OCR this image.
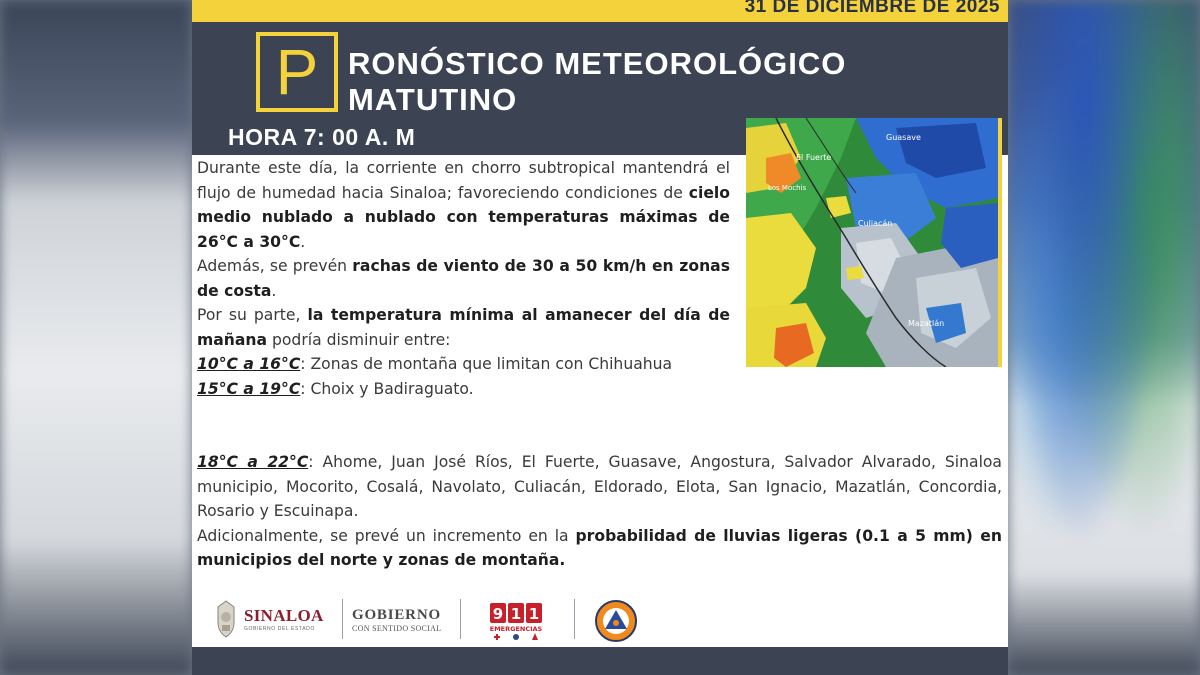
31 DE DICIEMBRE DE 2025
P RONÓSTICO METEOROLÓGICO
MATUTINO
HORA 7: 00 A. M	Guasave
El Fuerte
Los Mochis
Culiacán
Mazatlán

Durante este día, la corriente en chorro subtropical mantendrá el flujo de humedad hacia Sinaloa; favoreciendo condiciones de cielo medio nublado a nublado con temperaturas máximas de 26°C a 30°C.

Además, se prevén rachas de viento de 30 a 50 km/h en zonas de costa.

Por su parte, la temperatura mínima al amanecer del día de mañana podría disminuir entre:

10°C a 16°C: Zonas de montaña que limitan con Chihuahua

15°C a 19°C: Choix y Badiraguato.

18°C a 22°C: Ahome, Juan José Ríos, El Fuerte, Guasave, Angostura, Salvador Alvarado, Sinaloa municipio, Mocorito, Cosalá, Navolato, Culiacán, Eldorado, Elota, San Ignacio, Mazatlán, Concordia, Rosario y Escuinapa.

Adicionalmente, se prevé un incremento en la probabilidad de lluvias ligeras (0.1 a 5 mm) en municipios del norte y zonas de montaña.

SINALOA
GOBIERNO DEL ESTADO
GOBIERNO
CON SENTIDO SOCIAL
9 1 1
EMERGENCIAS
